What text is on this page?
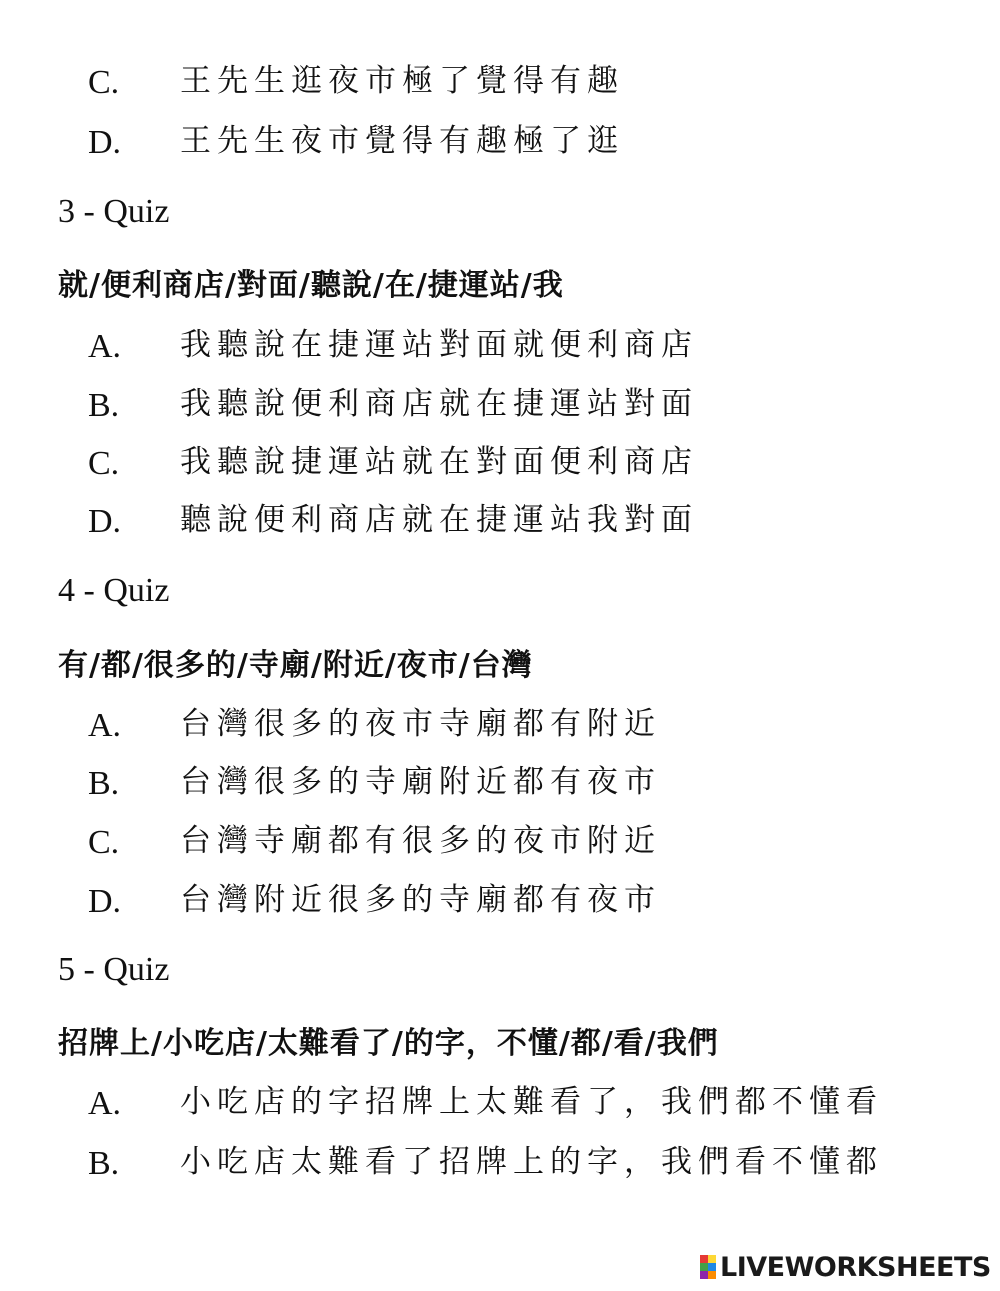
C. 王先生逛夜市極了覺得有趣
D. 王先生夜市覺得有趣極了逛
3 - Quiz
就/便利商店/對面/聽說/在/捷運站/我
A. 我聽說在捷運站對面就便利商店
B. 我聽說便利商店就在捷運站對面
C. 我聽說捷運站就在對面便利商店
D. 聽說便利商店就在捷運站我對面
4 - Quiz
有/都/很多的/寺廟/附近/夜市/台灣
A. 台灣很多的夜市寺廟都有附近
B. 台灣很多的寺廟附近都有夜市
C. 台灣寺廟都有很多的夜市附近
D. 台灣附近很多的寺廟都有夜市
5 - Quiz
招牌上/小吃店/太難看了/的字，不懂/都/看/我們
A. 小吃店的字招牌上太難看了，我們都不懂看
B. 小吃店太難看了招牌上的字，我們看不懂都
LIVEWORKSHEETS
